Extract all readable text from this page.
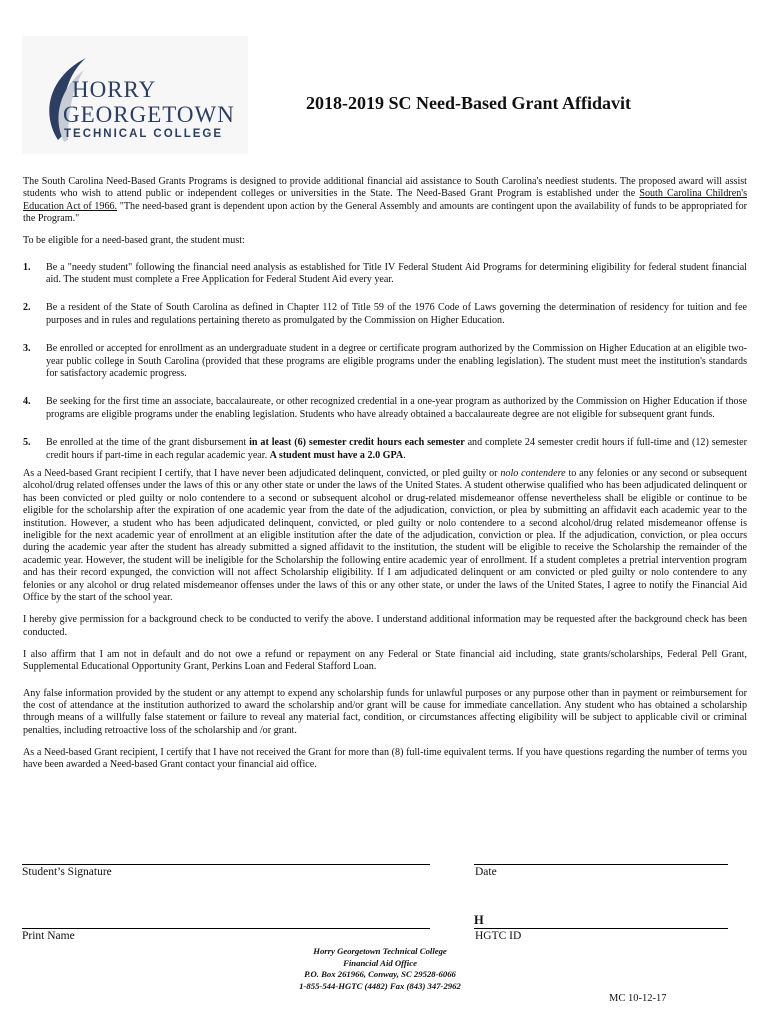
HORRY
GEORGETOWN
TECHNICAL COLLEGE
2018-2019 SC Need-Based Grant Affidavit

The South Carolina Need-Based Grants Programs is designed to provide additional financial aid assistance to South Carolina's neediest students. The proposed award will assist students who wish to attend public or independent colleges or universities in the State. The Need-Based Grant Program is established under the South Carolina Children's Education Act of 1966. "The need-based grant is dependent upon action by the General Assembly and amounts are contingent upon the availability of funds to be appropriated for the Program."

To be eligible for a need-based grant, the student must:

1. Be a "needy student" following the financial need analysis as established for Title IV Federal Student Aid Programs for determining eligibility for federal student financial aid. The student must complete a Free Application for Federal Student Aid every year.
2. Be a resident of the State of South Carolina as defined in Chapter 112 of Title 59 of the 1976 Code of Laws governing the determination of residency for tuition and fee purposes and in rules and regulations pertaining thereto as promulgated by the Commission on Higher Education.
3. Be enrolled or accepted for enrollment as an undergraduate student in a degree or certificate program authorized by the Commission on Higher Education at an eligible two-year public college in South Carolina (provided that these programs are eligible programs under the enabling legislation). The student must meet the institution's standards for satisfactory academic progress.
4. Be seeking for the first time an associate, baccalaureate, or other recognized credential in a one-year program as authorized by the Commission on Higher Education if those programs are eligible programs under the enabling legislation. Students who have already obtained a baccalaureate degree are not eligible for subsequent grant funds.
5. Be enrolled at the time of the grant disbursement in at least (6) semester credit hours each semester and complete 24 semester credit hours if full-time and (12) semester credit hours if part-time in each regular academic year. A student must have a 2.0 GPA.

As a Need-based Grant recipient I certify, that I have never been adjudicated delinquent, convicted, or pled guilty or nolo contendere to any felonies or any second or subsequent alcohol/drug related offenses under the laws of this or any other state or under the laws of the United States. A student otherwise qualified who has been adjudicated delinquent or has been convicted or pled guilty or nolo contendere to a second or subsequent alcohol or drug-related misdemeanor offense nevertheless shall be eligible or continue to be eligible for the scholarship after the expiration of one academic year from the date of the adjudication, conviction, or plea by submitting an affidavit each academic year to the institution. However, a student who has been adjudicated delinquent, convicted, or pled guilty or nolo contendere to a second alcohol/drug related misdemeanor offense is ineligible for the next academic year of enrollment at an eligible institution after the date of the adjudication, conviction or plea. If the adjudication, conviction, or plea occurs during the academic year after the student has already submitted a signed affidavit to the institution, the student will be eligible to receive the Scholarship the remainder of the academic year. However, the student will be ineligible for the Scholarship the following entire academic year of enrollment. If a student completes a pretrial intervention program and has their record expunged, the conviction will not affect Scholarship eligibility. If I am adjudicated delinquent or am convicted or pled guilty or nolo contendere to any felonies or any alcohol or drug related misdemeanor offenses under the laws of this or any other state, or under the laws of the United States, I agree to notify the Financial Aid Office by the start of the school year.

I hereby give permission for a background check to be conducted to verify the above. I understand additional information may be requested after the background check has been conducted.

I also affirm that I am not in default and do not owe a refund or repayment on any Federal or State financial aid including, state grants/scholarships, Federal Pell Grant, Supplemental Educational Opportunity Grant, Perkins Loan and Federal Stafford Loan.

Any false information provided by the student or any attempt to expend any scholarship funds for unlawful purposes or any purpose other than in payment or reimbursement for the cost of attendance at the institution authorized to award the scholarship and/or grant will be cause for immediate cancellation. Any student who has obtained a scholarship through means of a willfully false statement or failure to reveal any material fact, condition, or circumstances affecting eligibility will be subject to applicable civil or criminal penalties, including retroactive loss of the scholarship and /or grant.

As a Need-based Grant recipient, I certify that I have not received the Grant for more than (8) full-time equivalent terms. If you have questions regarding the number of terms you have been awarded a Need-based Grant contact your financial aid office.

Student’s Signature	Date
H
Print Name	HGTC ID
Horry Georgetown Technical College
Financial Aid Office
P.O. Box 261966, Conway, SC 29528-6066
1-855-544-HGTC (4482) Fax (843) 347-2962
MC 10-12-17
